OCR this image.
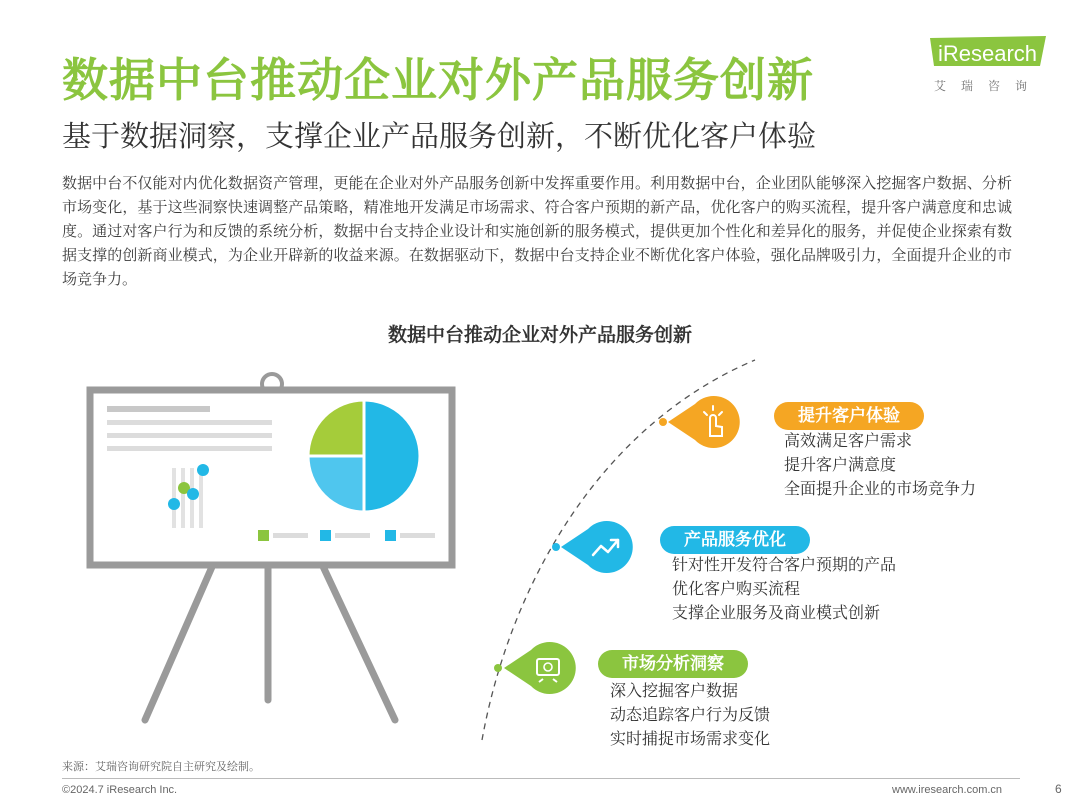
数据中台推动企业对外产品服务创新
基于数据洞察，支撑企业产品服务创新，不断优化客户体验
iResearch
艾瑞咨询
数据中台不仅能对内优化数据资产管理，更能在企业对外产品服务创新中发挥重要作用。利用数据中台，企业团队能够深入挖掘客户数据、分析市场变化，基于这些洞察快速调整产品策略，精准地开发满足市场需求、符合客户预期的新产品，优化客户的购买流程，提升客户满意度和忠诚度。通过对客户行为和反馈的系统分析，数据中台支持企业设计和实施创新的服务模式，提供更加个性化和差异化的服务，并促使企业探索有数据支撑的创新商业模式，为企业开辟新的收益来源。在数据驱动下，数据中台支持企业不断优化客户体验，强化品牌吸引力，全面提升企业的市场竞争力。
数据中台推动企业对外产品服务创新
提升客户体验
高效满足客户需求
提升客户满意度
全面提升企业的市场竞争力
产品服务优化
针对性开发符合客户预期的产品
优化客户购买流程
支撑企业服务及商业模式创新
市场分析洞察
深入挖掘客户数据
动态追踪客户行为反馈
实时捕捉市场需求变化
来源：艾瑞咨询研究院自主研究及绘制。
©2024.7 iResearch Inc.	www.iresearch.com.cn	6
